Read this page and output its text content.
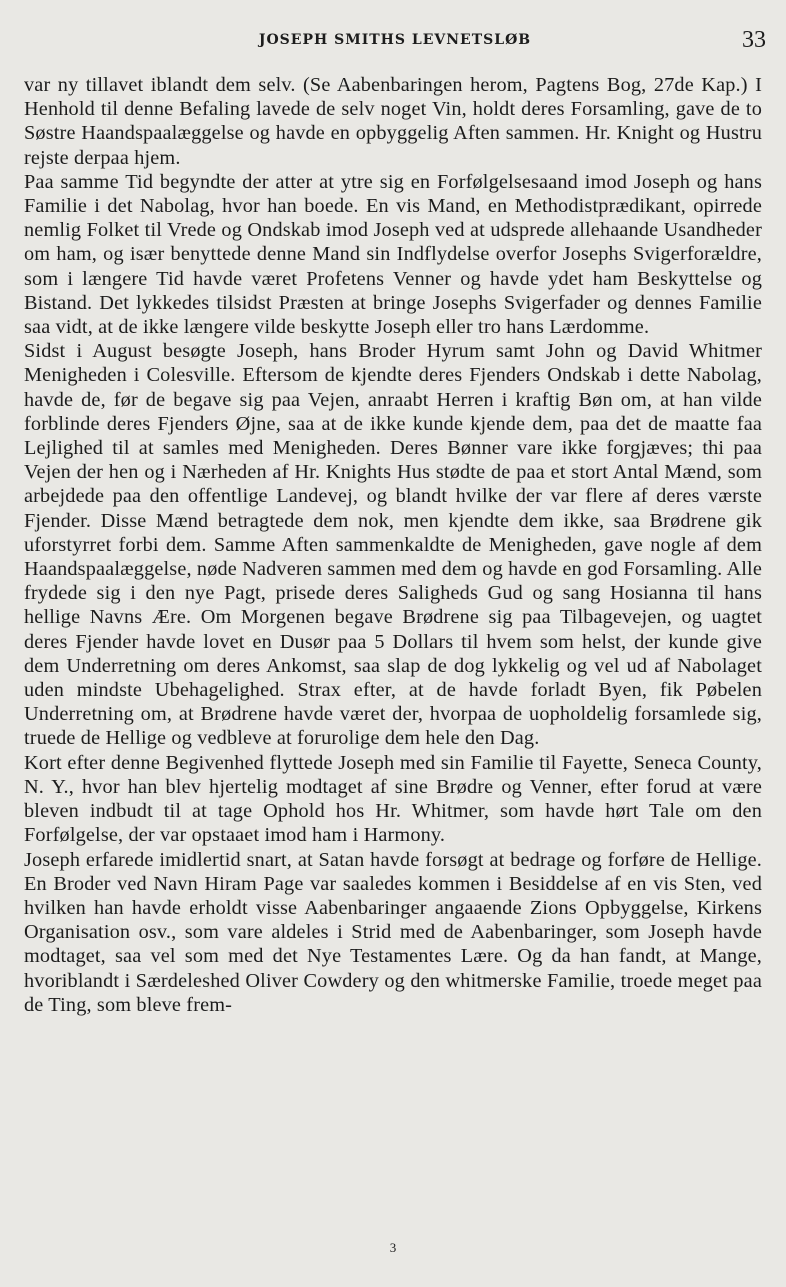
JOSEPH SMITHS LEVNETSLØB	33

var ny tillavet iblandt dem selv. (Se Aabenbaringen herom, Pagtens Bog, 27de Kap.) I Henhold til denne Befaling lavede de selv noget Vin, holdt deres Forsamling, gave de to Søstre Haandspaalæggelse og havde en opbyggelig Aften sammen. Hr. Knight og Hustru rejste derpaa hjem.

Paa samme Tid begyndte der atter at ytre sig en Forfølgelsesaand imod Joseph og hans Familie i det Nabolag, hvor han boede. En vis Mand, en Methodistprædikant, opirrede nemlig Folket til Vrede og Ondskab imod Joseph ved at udsprede allehaande Usandheder om ham, og især benyttede denne Mand sin Indflydelse overfor Josephs Svigerforældre, som i længere Tid havde været Profetens Venner og havde ydet ham Beskyttelse og Bistand. Det lykkedes tilsidst Præsten at bringe Josephs Svigerfader og dennes Familie saa vidt, at de ikke længere vilde beskytte Joseph eller tro hans Lærdomme.

Sidst i August besøgte Joseph, hans Broder Hyrum samt John og David Whitmer Menigheden i Colesville. Eftersom de kjendte deres Fjenders Ondskab i dette Nabolag, havde de, før de begave sig paa Vejen, anraabt Herren i kraftig Bøn om, at han vilde forblinde deres Fjenders Øjne, saa at de ikke kunde kjende dem, paa det de maatte faa Lejlighed til at samles med Menigheden. Deres Bønner vare ikke forgjæves; thi paa Vejen der hen og i Nærheden af Hr. Knights Hus stødte de paa et stort Antal Mænd, som arbejdede paa den offentlige Landevej, og blandt hvilke der var flere af deres værste Fjender. Disse Mænd betragtede dem nok, men kjendte dem ikke, saa Brødrene gik uforstyrret forbi dem. Samme Aften sammenkaldte de Menigheden, gave nogle af dem Haandspaalæggelse, nøde Nadveren sammen med dem og havde en god Forsamling. Alle frydede sig i den nye Pagt, prisede deres Saligheds Gud og sang Hosianna til hans hellige Navns Ære. Om Morgenen begave Brødrene sig paa Tilbagevejen, og uagtet deres Fjender havde lovet en Dusør paa 5 Dollars til hvem som helst, der kunde give dem Underretning om deres Ankomst, saa slap de dog lykkelig og vel ud af Nabolaget uden mindste Ubehagelighed. Strax efter, at de havde forladt Byen, fik Pøbelen Underretning om, at Brødrene havde været der, hvorpaa de uopholdelig forsamlede sig, truede de Hellige og vedbleve at forurolige dem hele den Dag.

Kort efter denne Begivenhed flyttede Joseph med sin Familie til Fayette, Seneca County, N. Y., hvor han blev hjertelig modtaget af sine Brødre og Venner, efter forud at være bleven indbudt til at tage Ophold hos Hr. Whitmer, som havde hørt Tale om den Forfølgelse, der var opstaaet imod ham i Harmony.

Joseph erfarede imidlertid snart, at Satan havde forsøgt at bedrage og forføre de Hellige. En Broder ved Navn Hiram Page var saaledes kommen i Besiddelse af en vis Sten, ved hvilken han havde erholdt visse Aabenbaringer angaaende Zions Opbyggelse, Kirkens Organisation osv., som vare aldeles i Strid med de Aabenbaringer, som Joseph havde modtaget, saa vel som med det Nye Testamentes Lære. Og da han fandt, at Mange, hvoriblandt i Særdeleshed Oliver Cowdery og den whitmerske Familie, troede meget paa de Ting, som bleve frem-

3
